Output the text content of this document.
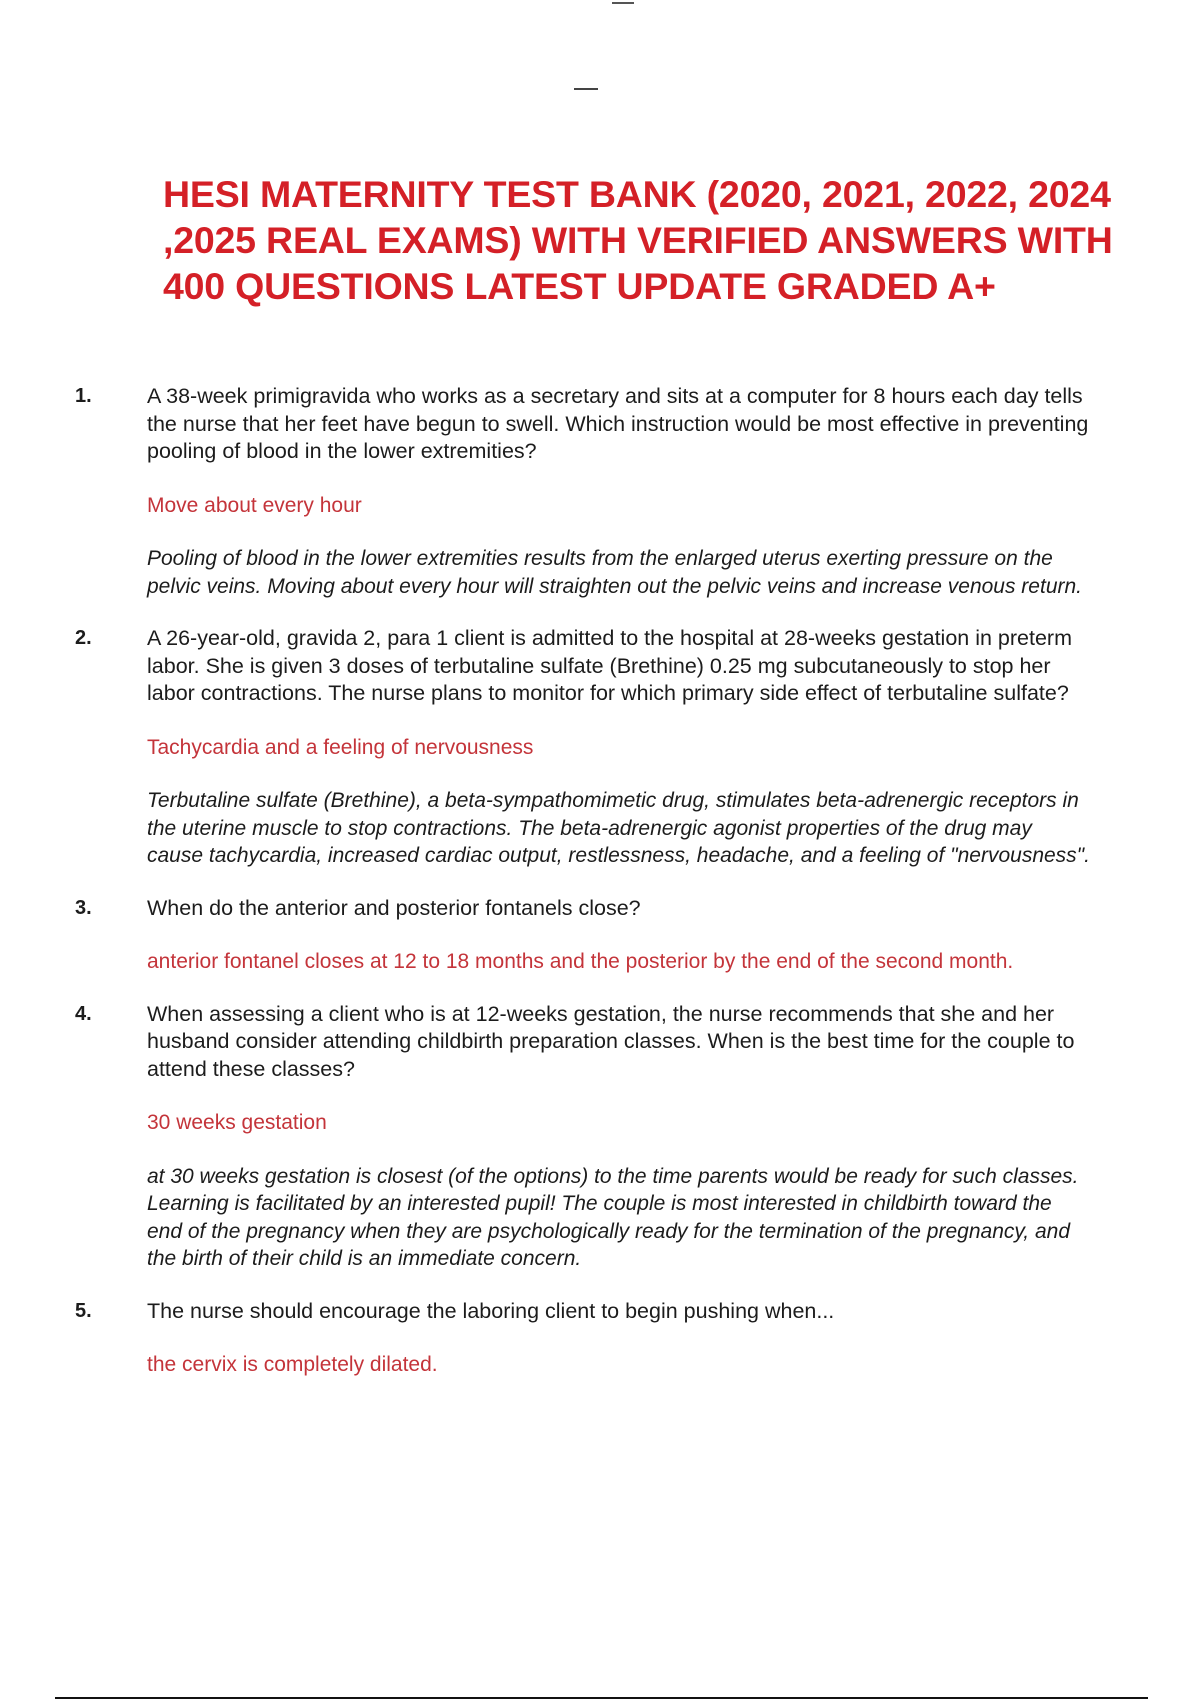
HESI MATERNITY TEST BANK (2020, 2021, 2022, 2024 ,2025 REAL EXAMS) WITH VERIFIED ANSWERS WITH 400 QUESTIONS LATEST UPDATE GRADED A+
1.	A 38-week primigravida who works as a secretary and sits at a computer for 8 hours each day tells the nurse that her feet have begun to swell. Which instruction would be most effective in preventing pooling of blood in the lower extremities?

Move about every hour

Pooling of blood in the lower extremities results from the enlarged uterus exerting pressure on the pelvic veins. Moving about every hour will straighten out the pelvic veins and increase venous return.

2.	A 26-year-old, gravida 2, para 1 client is admitted to the hospital at 28-weeks gestation in preterm labor. She is given 3 doses of terbutaline sulfate (Brethine) 0.25 mg subcutaneously to stop her labor contractions. The nurse plans to monitor for which primary side effect of terbutaline sulfate?

Tachycardia and a feeling of nervousness

Terbutaline sulfate (Brethine), a beta-sympathomimetic drug, stimulates beta-adrenergic receptors in the uterine muscle to stop contractions. The beta-adrenergic agonist properties of the drug may cause tachycardia, increased cardiac output, restlessness, headache, and a feeling of "nervousness".

3.	When do the anterior and posterior fontanels close?

anterior fontanel closes at 12 to 18 months and the posterior by the end of the second month.

4.	When assessing a client who is at 12-weeks gestation, the nurse recommends that she and her husband consider attending childbirth preparation classes. When is the best time for the couple to attend these classes?

30 weeks gestation

at 30 weeks gestation is closest (of the options) to the time parents would be ready for such classes. Learning is facilitated by an interested pupil! The couple is most interested in childbirth toward the end of the pregnancy when they are psychologically ready for the termination of the pregnancy, and the birth of their child is an immediate concern.

5.	The nurse should encourage the laboring client to begin pushing when...

the cervix is completely dilated.
